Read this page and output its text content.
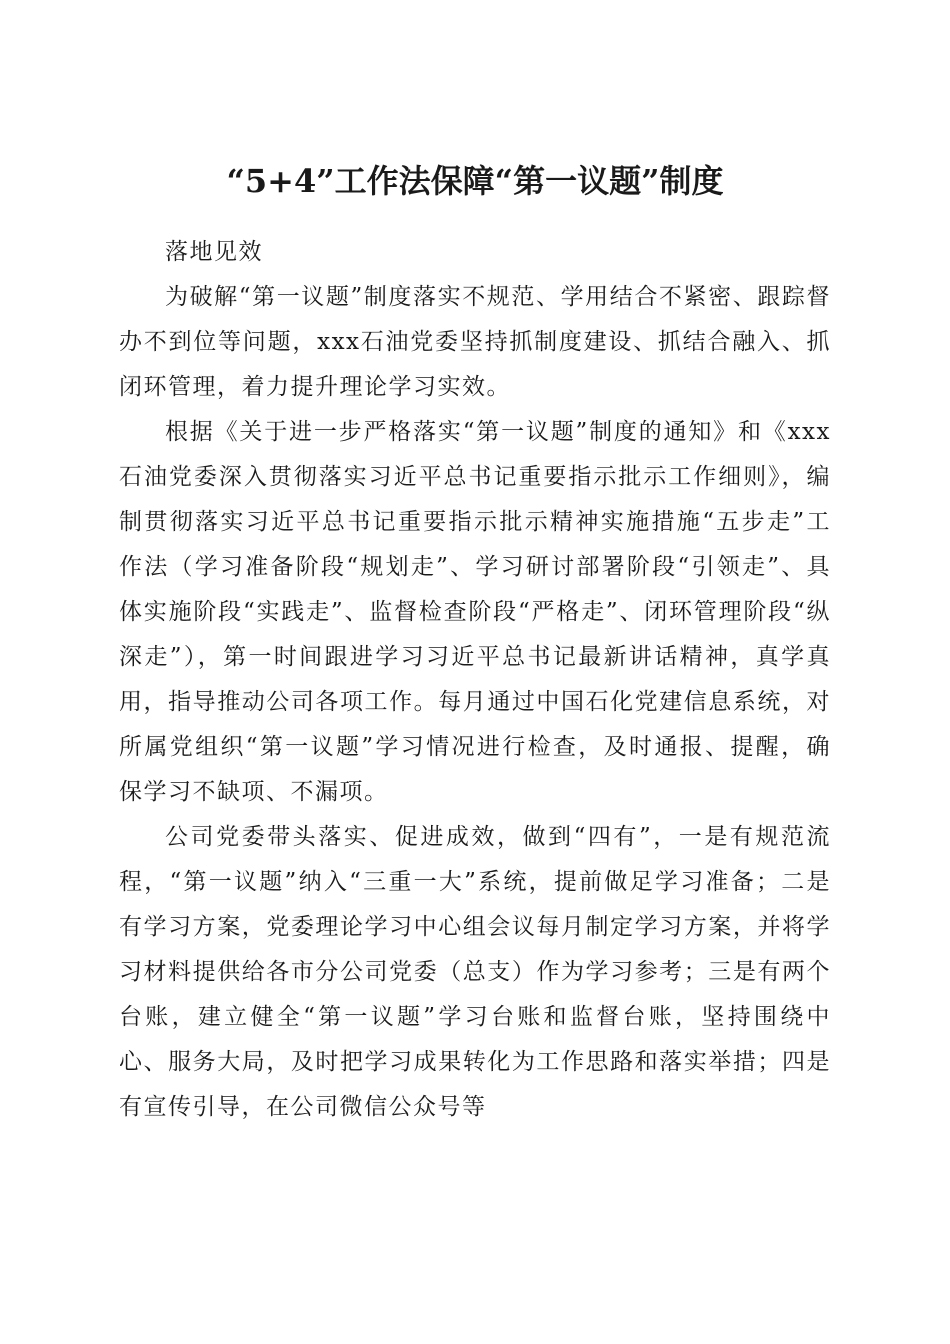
“5+4”工作法保障“第一议题”制度

落地见效

为破解“第一议题”制度落实不规范、学用结合不紧密、跟踪督办不到位等问题，xxx石油党委坚持抓制度建设、抓结合融入、抓闭环管理，着力提升理论学习实效。

根据《关于进一步严格落实“第一议题”制度的通知》和《xxx石油党委深入贯彻落实习近平总书记重要指示批示工作细则》，编制贯彻落实习近平总书记重要指示批示精神实施措施“五步走”工作法（学习准备阶段“规划走”、学习研讨部署阶段“引领走”、具体实施阶段“实践走”、监督检查阶段“严格走”、闭环管理阶段“纵深走”），第一时间跟进学习习近平总书记最新讲话精神，真学真用，指导推动公司各项工作。每月通过中国石化党建信息系统，对所属党组织“第一议题”学习情况进行检查，及时通报、提醒，确保学习不缺项、不漏项。

公司党委带头落实、促进成效，做到“四有”，一是有规范流程，“第一议题”纳入“三重一大”系统，提前做足学习准备；二是有学习方案，党委理论学习中心组会议每月制定学习方案，并将学习材料提供给各市分公司党委（总支）作为学习参考；三是有两个台账，建立健全“第一议题”学习台账和监督台账，坚持围绕中心、服务大局，及时把学习成果转化为工作思路和落实举措；四是有宣传引导，在公司微信公众号等
